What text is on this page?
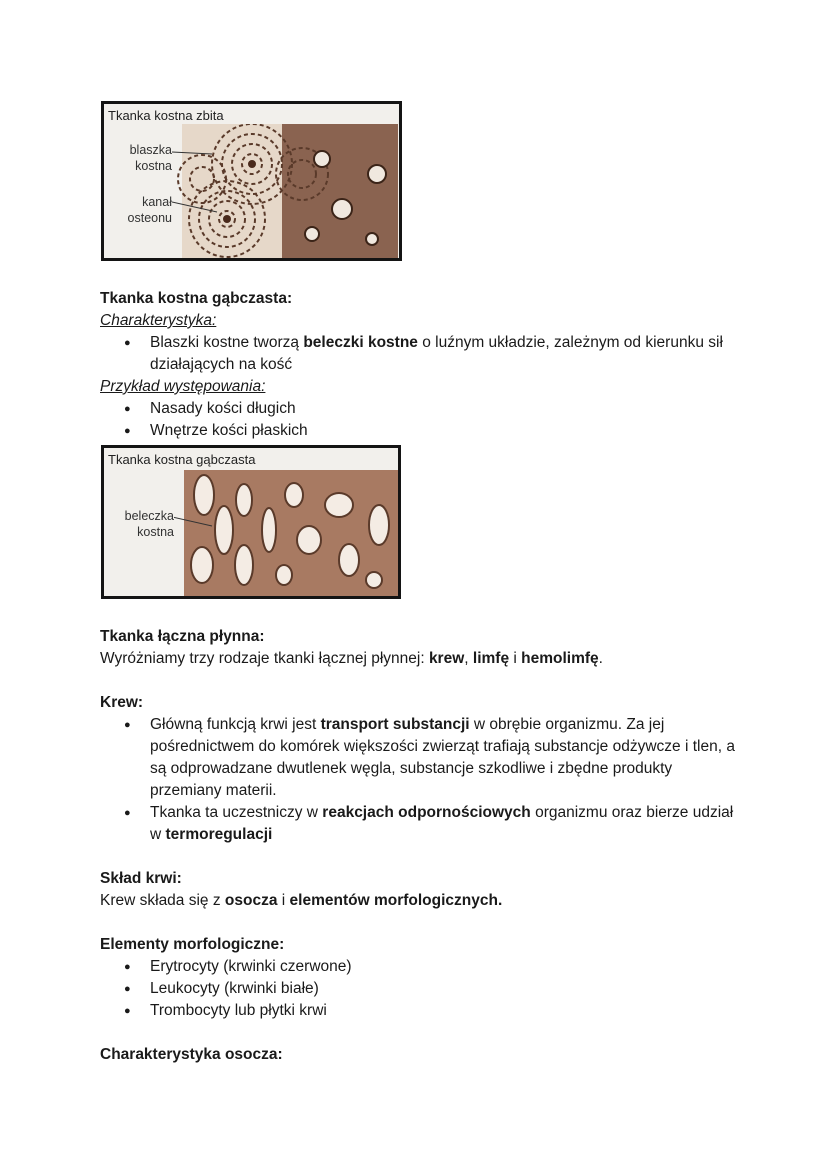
Tkanka kostna zbita
blaszka
kostna
kanał
osteonu
Tkanka kostna gąbczasta:
Charakterystyka:
● Blaszki kostne tworzą beleczki kostne o luźnym układzie, zależnym od kierunku sił działających na kość
Przykład występowania:
● Nasady kości długich
● Wnętrze kości płaskich
Tkanka kostna gąbczasta
beleczka
kostna
Tkanka łączna płynna:
Wyróżniamy trzy rodzaje tkanki łącznej płynnej: krew, limfę i hemolimfę.
Krew:
● Główną funkcją krwi jest transport substancji w obrębie organizmu. Za jej pośrednictwem do komórek większości zwierząt trafiają substancje odżywcze i tlen, a są odprowadzane dwutlenek węgla, substancje szkodliwe i zbędne produkty przemiany materii.
● Tkanka ta uczestniczy w reakcjach odpornościowych organizmu oraz bierze udział w termoregulacji
Skład krwi:
Krew składa się z osocza i elementów morfologicznych.
Elementy morfologiczne:
● Erytrocyty (krwinki czerwone)
● Leukocyty (krwinki białe)
● Trombocyty lub płytki krwi
Charakterystyka osocza:
